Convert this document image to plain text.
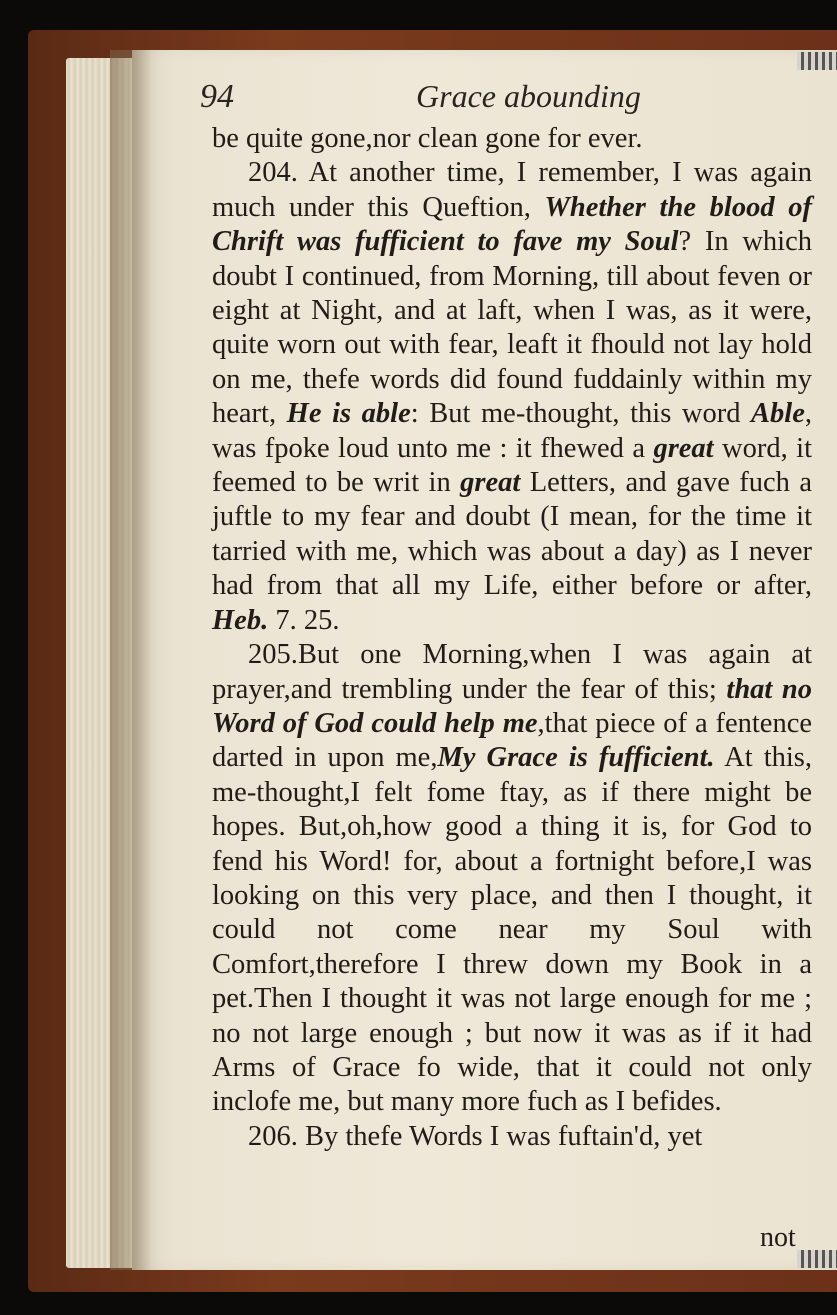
94	Grace abounding

be quite gone,nor clean gone for ever.

204. At another time, I remember, I was again much under this Queftion, Whether the blood of Chrift was fufficient to fave my Soul? In which doubt I continued, from Morning, till about feven or eight at Night, and at laft, when I was, as it were, quite worn out with fear, leaft it fhould not lay hold on me, thefe words did found fuddainly within my heart, He is able: But me-thought, this word Able, was fpoke loud unto me : it fhewed a great word, it feemed to be writ in great Letters, and gave fuch a juftle to my fear and doubt (I mean, for the time it tarried with me, which was about a day) as I never had from that all my Life, either before or after, Heb. 7. 25.

205.But one Morning,when I was again at prayer,and trembling under the fear of this; that no Word of God could help me,that piece of a fentence darted in upon me,My Grace is fufficient. At this, me-thought,I felt fome ftay, as if there might be hopes. But,oh,how good a thing it is, for God to fend his Word! for, about a fortnight before,I was looking on this very place, and then I thought, it could not come near my Soul with Comfort,therefore I threw down my Book in a pet.Then I thought it was not large enough for me ; no not large enough ; but now it was as if it had Arms of Grace fo wide, that it could not only inclofe me, but many more fuch as I befides.

206. By thefe Words I was fuftain'd, yet

not
